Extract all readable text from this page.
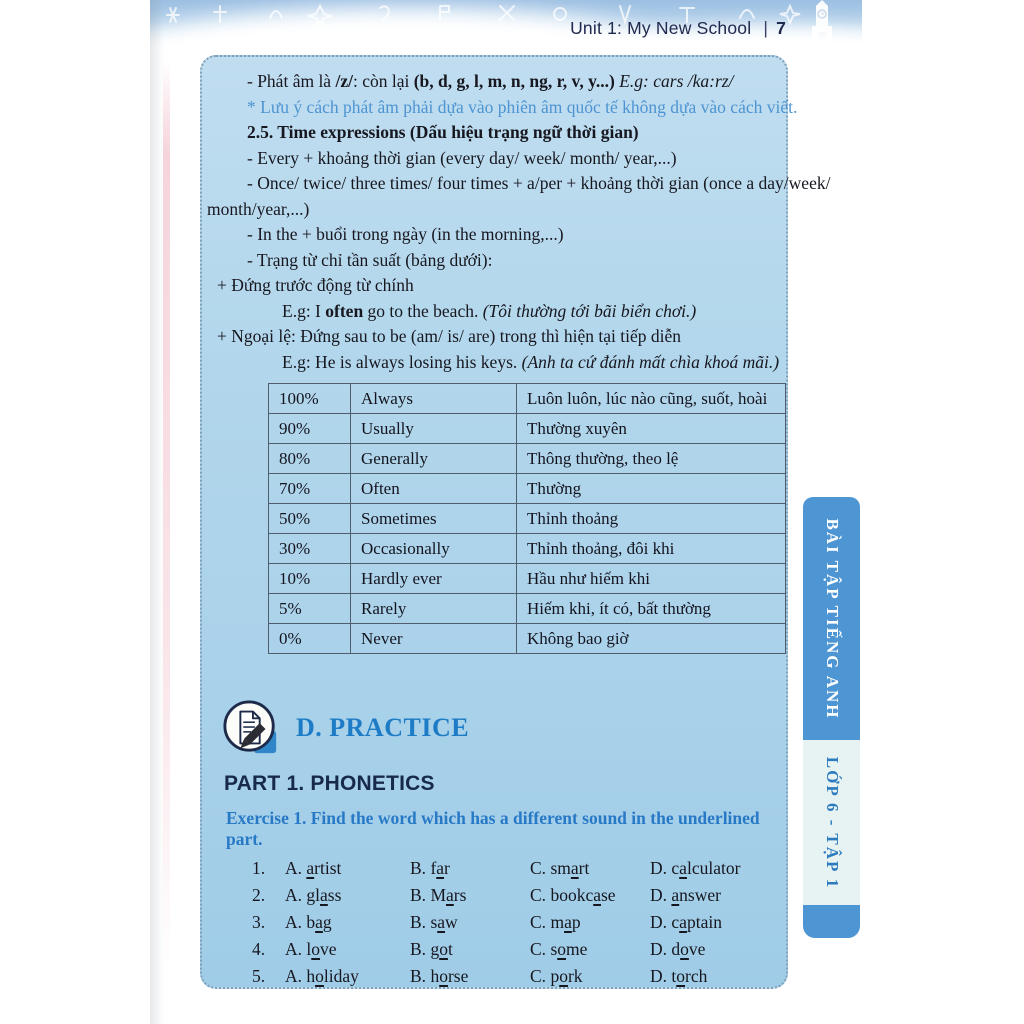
Unit 1: My New School | 7
- Phát âm là /z/: còn lại (b, d, g, l, m, n, ng, r, v, y...) E.g: cars /ka:rz/
* Lưu ý cách phát âm phải dựa vào phiên âm quốc tế không dựa vào cách viết.
2.5. Time expressions (Dấu hiệu trạng ngữ thời gian)
- Every + khoảng thời gian (every day/ week/ month/ year,...)
- Once/ twice/ three times/ four times + a/per + khoảng thời gian (once a day/week/
month/year,...)
- In the + buổi trong ngày (in the morning,...)
- Trạng từ chỉ tần suất (bảng dưới):
+ Đứng trước động từ chính
E.g: I often go to the beach. (Tôi thường tới bãi biển chơi.)
+ Ngoại lệ: Đứng sau to be (am/ is/ are) trong thì hiện tại tiếp diễn
E.g: He is always losing his keys. (Anh ta cứ đánh mất chìa khoá mãi.)
100%	Always	Luôn luôn, lúc nào cũng, suốt, hoài
90%	Usually	Thường xuyên
80%	Generally	Thông thường, theo lệ
70%	Often	Thường
50%	Sometimes	Thỉnh thoảng
30%	Occasionally	Thỉnh thoảng, đôi khi
10%	Hardly ever	Hầu như hiếm khi
5%	Rarely	Hiếm khi, ít có, bất thường
0%	Never	Không bao giờ
D. PRACTICE
PART 1. PHONETICS
Exercise 1. Find the word which has a different sound in the underlined part.
1.	A. artist	B. far	C. smart	D. calculator
2.	A. glass	B. Mars	C. bookcase	D. answer
3.	A. bag	B. saw	C. map	D. captain
4.	A. love	B. got	C. some	D. dove
5.	A. holiday	B. horse	C. pork	D. torch
BÀI TẬP TIẾNG ANH
LỚP 6 - TẬP 1
